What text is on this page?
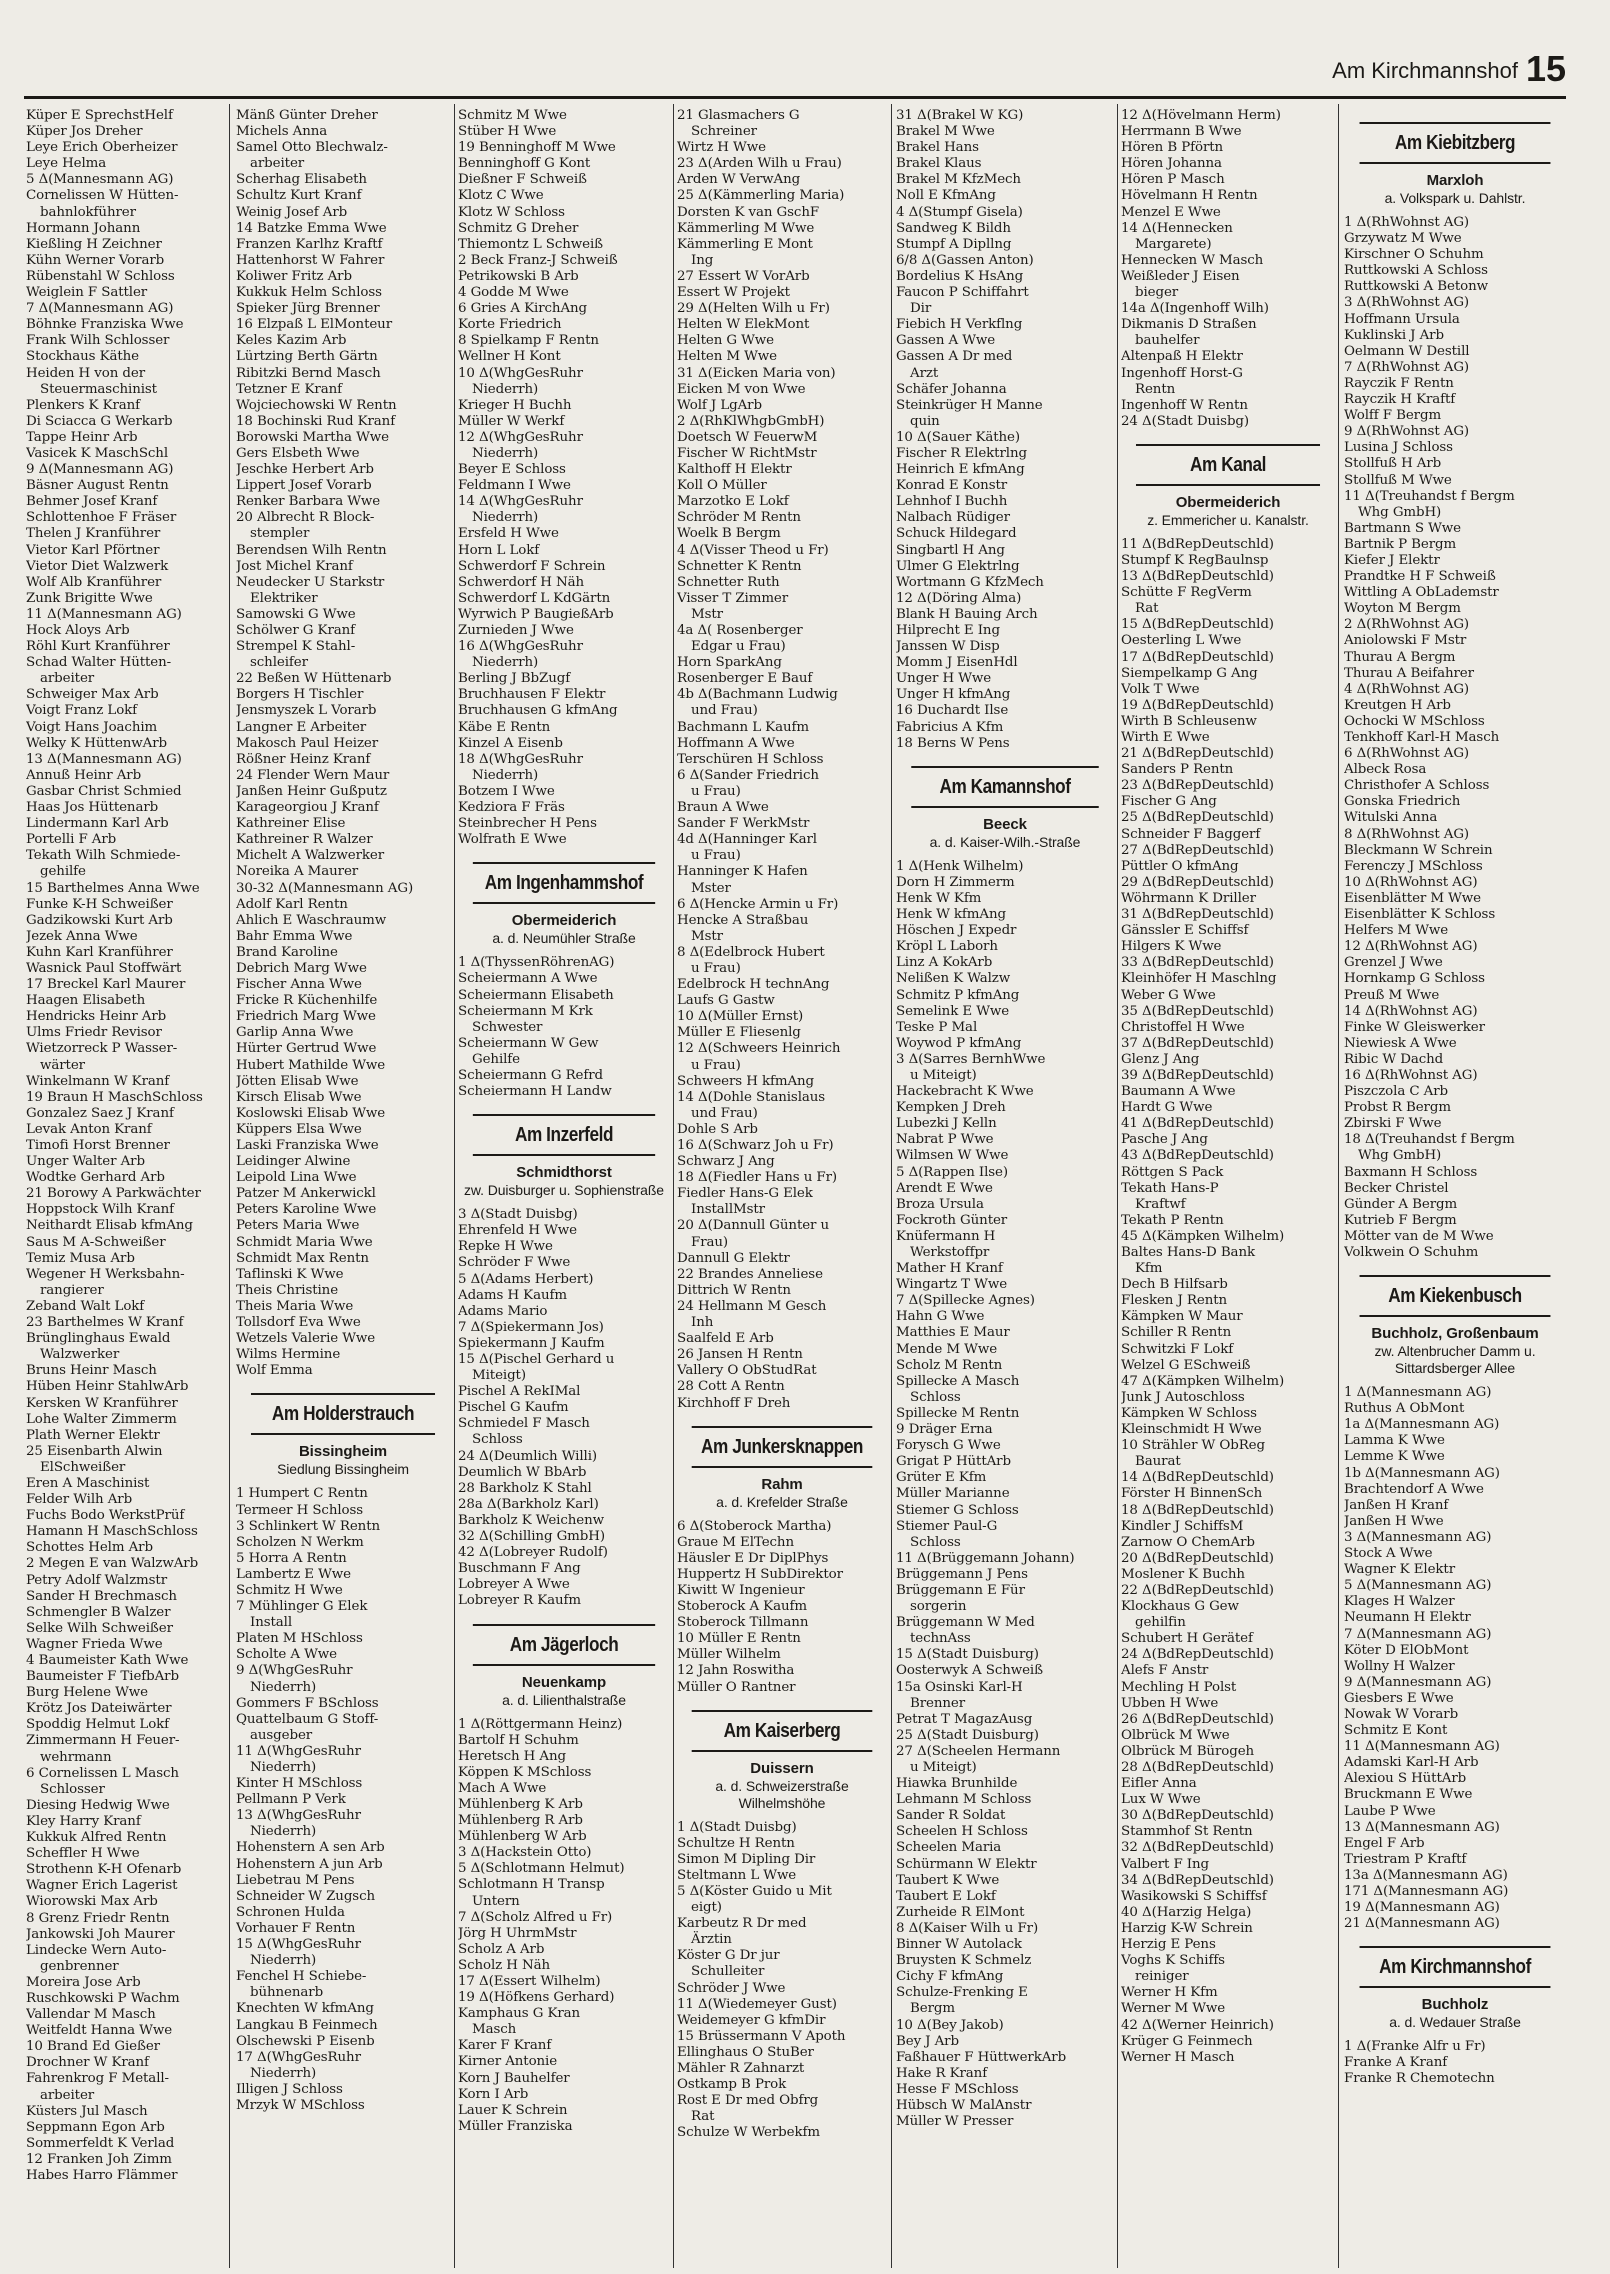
Am Kirchmannshof 15
Küper E SprechstHelf
Küper Jos Dreher
Leye Erich Oberheizer
Leye Helma
5 Δ(Mannesmann AG)
Cornelissen W Hütten-
bahnlokführer
Hormann Johann
Kießling H Zeichner
Kühn Werner Vorarb
Rübenstahl W Schloss
Weiglein F Sattler
7 Δ(Mannesmann AG)
Böhnke Franziska Wwe
Frank Wilh Schlosser
Stockhaus Käthe
Heiden H von der
Steuermaschinist
Plenkers K Kranf
Di Sciacca G Werkarb
Tappe Heinr Arb
Vasicek K MaschSchl
9 Δ(Mannesmann AG)
Bäsner August Rentn
Behmer Josef Kranf
Schlottenhoe F Fräser
Thelen J Kranführer
Vietor Karl Pförtner
Vietor Diet Walzwerk
Wolf Alb Kranführer
Zunk Brigitte Wwe
11 Δ(Mannesmann AG)
Hock Aloys Arb
Röhl Kurt Kranführer
Schad Walter Hütten-
arbeiter
Schweiger Max Arb
Voigt Franz Lokf
Voigt Hans Joachim
Welky K HüttenwArb
13 Δ(Mannesmann AG)
Annuß Heinr Arb
Gasbar Christ Schmied
Haas Jos Hüttenarb
Lindermann Karl Arb
Portelli F Arb
Tekath Wilh Schmiede-
gehilfe
15 Barthelmes Anna Wwe
Funke K-H Schweißer
Gadzikowski Kurt Arb
Jezek Anna Wwe
Kuhn Karl Kranführer
Wasnick Paul Stoffwärt
17 Breckel Karl Maurer
Haagen Elisabeth
Hendricks Heinr Arb
Ulms Friedr Revisor
Wietzorreck P Wasser-
wärter
Winkelmann W Kranf
19 Braun H MaschSchloss
Gonzalez Saez J Kranf
Levak Anton Kranf
Timofi Horst Brenner
Unger Walter Arb
Wodtke Gerhard Arb
21 Borowy A Parkwächter
Hoppstock Wilh Kranf
Neithardt Elisab kfmAng
Saus M A-Schweißer
Temiz Musa Arb
Wegener H Werksbahn-
rangierer
Zeband Walt Lokf
23 Barthelmes W Kranf
Brünglinghaus Ewald
Walzwerker
Bruns Heinr Masch
Hüben Heinr StahlwArb
Kersken W Kranführer
Lohe Walter Zimmerm
Plath Werner Elektr
25 Eisenbarth Alwin
ElSchweißer
Eren A Maschinist
Felder Wilh Arb
Fuchs Bodo WerkstPrüf
Hamann H MaschSchloss
Schottes Helm Arb
2 Megen E van WalzwArb
Petry Adolf Walzmstr
Sander H Brechmasch
Schmengler B Walzer
Selke Wilh Schweißer
Wagner Frieda Wwe
4 Baumeister Kath Wwe
Baumeister F TiefbArb
Burg Helene Wwe
Krötz Jos Dateiwärter
Spoddig Helmut Lokf
Zimmermann H Feuer-
wehrmann
6 Cornelissen L Masch
Schlosser
Diesing Hedwig Wwe
Kley Harry Kranf
Kukkuk Alfred Rentn
Scheffler H Wwe
Strothenn K-H Ofenarb
Wagner Erich Lagerist
Wiorowski Max Arb
8 Grenz Friedr Rentn
Jankowski Joh Maurer
Lindecke Wern Auto-
genbrenner
Moreira Jose Arb
Ruschkowski P Wachm
Vallendar M Masch
Weitfeldt Hanna Wwe
10 Brand Ed Gießer
Drochner W Kranf
Fahrenkrog F Metall-
arbeiter
Küsters Jul Masch
Seppmann Egon Arb
Sommerfeldt K Verlad
12 Franken Joh Zimm
Habes Harro Flämmer
Mänß Günter Dreher
Michels Anna
Samel Otto Blechwalz-
arbeiter
Scherhag Elisabeth
Schultz Kurt Kranf
Weinig Josef Arb
14 Batzke Emma Wwe
Franzen Karlhz Kraftf
Hattenhorst W Fahrer
Koliwer Fritz Arb
Kukkuk Helm Schloss
Spieker Jürg Brenner
16 Elzpaß L ElMonteur
Keles Kazim Arb
Lürtzing Berth Gärtn
Ribitzki Bernd Masch
Tetzner E Kranf
Wojciechowski W Rentn
18 Bochinski Rud Kranf
Borowski Martha Wwe
Gers Elsbeth Wwe
Jeschke Herbert Arb
Lippert Josef Vorarb
Renker Barbara Wwe
20 Albrecht R Block-
stempler
Berendsen Wilh Rentn
Jost Michel Kranf
Neudecker U Starkstr
Elektriker
Samowski G Wwe
Schölwer G Kranf
Strempel K Stahl-
schleifer
22 Beßen W Hüttenarb
Borgers H Tischler
Jensmyszek L Vorarb
Langner E Arbeiter
Makosch Paul Heizer
Rößner Heinz Kranf
24 Flender Wern Maur
Janßen Heinr Gußputz
Karageorgiou J Kranf
Kathreiner Elise
Kathreiner R Walzer
Michelt A Walzwerker
Noreika A Maurer
30-32 Δ(Mannesmann AG)
Adolf Karl Rentn
Ahlich E Waschraumw
Bahr Emma Wwe
Brand Karoline
Debrich Marg Wwe
Fischer Anna Wwe
Fricke R Küchenhilfe
Friedrich Marg Wwe
Garlip Anna Wwe
Hürter Gertrud Wwe
Hubert Mathilde Wwe
Jötten Elisab Wwe
Kirsch Elisab Wwe
Koslowski Elisab Wwe
Küppers Elsa Wwe
Laski Franziska Wwe
Leidinger Alwine
Leipold Lina Wwe
Patzer M Ankerwickl
Peters Karoline Wwe
Peters Maria Wwe
Schmidt Maria Wwe
Schmidt Max Rentn
Taflinski K Wwe
Theis Christine
Theis Maria Wwe
Tollsdorf Eva Wwe
Wetzels Valerie Wwe
Wilms Hermine
Wolf Emma
Am Holderstrauch
Bissingheim
Siedlung Bissingheim
1 Humpert C Rentn
Termeer H Schloss
3 Schlinkert W Rentn
Scholzen N Werkm
5 Horra A Rentn
Lambertz E Wwe
Schmitz H Wwe
7 Mühlinger G Elek
Install
Platen M HSchloss
Scholte A Wwe
9 Δ(WhgGesRuhr
Niederrh)
Gommers F BSchloss
Quattelbaum G Stoff-
ausgeber
11 Δ(WhgGesRuhr
Niederrh)
Kinter H MSchloss
Pellmann P Verk
13 Δ(WhgGesRuhr
Niederrh)
Hohenstern A sen Arb
Hohenstern A jun Arb
Liebetrau M Pens
Schneider W Zugsch
Schronen Hulda
Vorhauer F Rentn
15 Δ(WhgGesRuhr
Niederrh)
Fenchel H Schiebe-
bühnenarb
Knechten W kfmAng
Langkau B Feinmech
Olschewski P Eisenb
17 Δ(WhgGesRuhr
Niederrh)
Illigen J Schloss
Mrzyk W MSchloss
Schmitz M Wwe
Stüber H Wwe
19 Benninghoff M Wwe
Benninghoff G Kont
Dießner F Schweiß
Klotz C Wwe
Klotz W Schloss
Schmitz G Dreher
Thiemontz L Schweiß
2 Beck Franz-J Schweiß
Petrikowski B Arb
4 Godde M Wwe
6 Gries A KirchAng
Korte Friedrich
8 Spielkamp F Rentn
Wellner H Kont
10 Δ(WhgGesRuhr
Niederrh)
Krieger H Buchh
Müller W Werkf
12 Δ(WhgGesRuhr
Niederrh)
Beyer E Schloss
Feldmann I Wwe
14 Δ(WhgGesRuhr
Niederrh)
Ersfeld H Wwe
Horn L Lokf
Schwerdorf F Schrein
Schwerdorf H Näh
Schwerdorf L KdGärtn
Wyrwich P BaugießArb
Zurnieden J Wwe
16 Δ(WhgGesRuhr
Niederrh)
Berling J BbZugf
Bruchhausen F Elektr
Bruchhausen G kfmAng
Käbe E Rentn
Kinzel A Eisenb
18 Δ(WhgGesRuhr
Niederrh)
Botzem I Wwe
Kedziora F Fräs
Steinbrecher H Pens
Wolfrath E Wwe
Am Ingenhammshof
Obermeiderich
a. d. Neumühler Straße
1 Δ(ThyssenRöhrenAG)
Scheiermann A Wwe
Scheiermann Elisabeth
Scheiermann M Krk
Schwester
Scheiermann W Gew
Gehilfe
Scheiermann G Refrd
Scheiermann H Landw
Am Inzerfeld
Schmidthorst
zw. Duisburger u. Sophienstraße
3 Δ(Stadt Duisbg)
Ehrenfeld H Wwe
Repke H Wwe
Schröder F Wwe
5 Δ(Adams Herbert)
Adams H Kaufm
Adams Mario
7 Δ(Spiekermann Jos)
Spiekermann J Kaufm
15 Δ(Pischel Gerhard u
Miteigt)
Pischel A RekIMal
Pischel G Kaufm
Schmiedel F Masch
Schloss
24 Δ(Deumlich Willi)
Deumlich W BbArb
28 Barkholz K Stahl
28a Δ(Barkholz Karl)
Barkholz K Weichenw
32 Δ(Schilling GmbH)
42 Δ(Lobreyer Rudolf)
Buschmann F Ang
Lobreyer A Wwe
Lobreyer R Kaufm
Am Jägerloch
Neuenkamp
a. d. Lilienthalstraße
1 Δ(Röttgermann Heinz)
Bartolf H Schuhm
Heretsch H Ang
Köppen K MSchloss
Mach A Wwe
Mühlenberg K Arb
Mühlenberg R Arb
Mühlenberg W Arb
3 Δ(Hackstein Otto)
5 Δ(Schlotmann Helmut)
Schlotmann H Transp
Untern
7 Δ(Scholz Alfred u Fr)
Jörg H UhrmMstr
Scholz A Arb
Scholz H Näh
17 Δ(Essert Wilhelm)
19 Δ(Höfkens Gerhard)
Kamphaus G Kran
Masch
Karer F Kranf
Kirner Antonie
Korn J Bauhelfer
Korn I Arb
Lauer K Schrein
Müller Franziska
21 Glasmachers G
Schreiner
Wirtz H Wwe
23 Δ(Arden Wilh u Frau)
Arden W VerwAng
25 Δ(Kämmerling Maria)
Dorsten K van GschF
Kämmerling M Wwe
Kämmerling E Mont
Ing
27 Essert W VorArb
Essert W Projekt
29 Δ(Helten Wilh u Fr)
Helten W ElekMont
Helten G Wwe
Helten M Wwe
31 Δ(Eicken Maria von)
Eicken M von Wwe
Wolf J LgArb
2 Δ(RhKlWhgbGmbH)
Doetsch W FeuerwM
Fischer W RichtMstr
Kalthoff H Elektr
Koll O Müller
Marzotko E Lokf
Schröder M Rentn
Woelk B Bergm
4 Δ(Visser Theod u Fr)
Schnetter K Rentn
Schnetter Ruth
Visser T Zimmer
Mstr
4a Δ( Rosenberger
Edgar u Frau)
Horn SparkAng
Rosenberger E Bauf
4b Δ(Bachmann Ludwig
und Frau)
Bachmann L Kaufm
Hoffmann A Wwe
Terschüren H Schloss
6 Δ(Sander Friedrich
u Frau)
Braun A Wwe
Sander F WerkMstr
4d Δ(Hanninger Karl
u Frau)
Hanninger K Hafen
Mster
6 Δ(Hencke Armin u Fr)
Hencke A Straßbau
Mstr
8 Δ(Edelbrock Hubert
u Frau)
Edelbrock H technAng
Laufs G Gastw
10 Δ(Müller Ernst)
Müller E Fliesenlg
12 Δ(Schweers Heinrich
u Frau)
Schweers H kfmAng
14 Δ(Dohle Stanislaus
und Frau)
Dohle S Arb
16 Δ(Schwarz Joh u Fr)
Schwarz J Ang
18 Δ(Fiedler Hans u Fr)
Fiedler Hans-G Elek
InstallMstr
20 Δ(Dannull Günter u
Frau)
Dannull G Elektr
22 Brandes Anneliese
Dittrich W Rentn
24 Hellmann M Gesch
Inh
Saalfeld E Arb
26 Jansen H Rentn
Vallery O ObStudRat
28 Cott A Rentn
Kirchhoff F Dreh
Am Junkersknappen
Rahm
a. d. Krefelder Straße
6 Δ(Stoberock Martha)
Graue M ElTechn
Häusler E Dr DiplPhys
Huppertz H SubDirektor
Kiwitt W Ingenieur
Stoberock A Kaufm
Stoberock Tillmann
10 Müller E Rentn
Müller Wilhelm
12 Jahn Roswitha
Müller O Rantner
Am Kaiserberg
Duissern
a. d. Schweizerstraße Wilhelmshöhe
1 Δ(Stadt Duisbg)
Schultze H Rentn
Simon M Dipling Dir
Steltmann L Wwe
5 Δ(Köster Guido u Mit
eigt)
Karbeutz R Dr med
Ärztin
Köster G Dr jur
Schulleiter
Schröder J Wwe
11 Δ(Wiedemeyer Gust)
Weidemeyer G kfmDir
15 Brüssermann V Apoth
Ellinghaus O StuBer
Mähler R Zahnarzt
Ostkamp B Prok
Rost E Dr med Obfrg
Rat
Schulze W Werbekfm
31 Δ(Brakel W KG)
Brakel M Wwe
Brakel Hans
Brakel Klaus
Brakel M KfzMech
Noll E KfmAng
4 Δ(Stumpf Gisela)
Sandweg K Bildh
Stumpf A Dipllng
6/8 Δ(Gassen Anton)
Bordelius K HsAng
Faucon P Schiffahrt
Dir
Fiebich H Verkflng
Gassen A Wwe
Gassen A Dr med
Arzt
Schäfer Johanna
Steinkrüger H Manne
quin
10 Δ(Sauer Käthe)
Fischer R Elektrlng
Heinrich E kfmAng
Konrad E Konstr
Lehnhof I Buchh
Nalbach Rüdiger
Schuck Hildegard
Singbartl H Ang
Ulmer G Elektrlng
Wortmann G KfzMech
12 Δ(Döring Alma)
Blank H Bauing Arch
Hilprecht E Ing
Janssen W Disp
Momm J EisenHdl
Unger H Wwe
Unger H kfmAng
16 Duchardt Ilse
Fabricius A Kfm
18 Berns W Pens
Am Kamannshof
Beeck
a. d. Kaiser-Wilh.-Straße
1 Δ(Henk Wilhelm)
Dorn H Zimmerm
Henk W Kfm
Henk W kfmAng
Höschen J Expedr
Kröpl L Laborh
Linz A KokArb
Nelißen K Walzw
Schmitz P kfmAng
Semelink E Wwe
Teske P Mal
Woywod P kfmAng
3 Δ(Sarres BernhWwe
u Miteigt)
Hackebracht K Wwe
Kempken J Dreh
Lubezki J Kelln
Nabrat P Wwe
Wilmsen W Wwe
5 Δ(Rappen Ilse)
Arendt E Wwe
Broza Ursula
Fockroth Günter
Knüfermann H
Werkstoffpr
Mather H Kranf
Wingartz T Wwe
7 Δ(Spillecke Agnes)
Hahn G Wwe
Matthies E Maur
Mende M Wwe
Scholz M Rentn
Spillecke A Masch
Schloss
Spillecke M Rentn
9 Dräger Erna
Forysch G Wwe
Grigat P HüttArb
Grüter E Kfm
Müller Marianne
Stiemer G Schloss
Stiemer Paul-G
Schloss
11 Δ(Brüggemann Johann)
Brüggemann J Pens
Brüggemann E Für
sorgerin
Brüggemann W Med
technAss
15 Δ(Stadt Duisburg)
Oosterwyk A Schweiß
15a Osinski Karl-H
Brenner
Petrat T MagazAusg
25 Δ(Stadt Duisburg)
27 Δ(Scheelen Hermann
u Miteigt)
Hiawka Brunhilde
Lehmann M Schloss
Sander R Soldat
Scheelen H Schloss
Scheelen Maria
Schürmann W Elektr
Taubert K Wwe
Taubert E Lokf
Zurheide R ElMont
8 Δ(Kaiser Wilh u Fr)
Binner W Autolack
Bruysten K Schmelz
Cichy F kfmAng
Schulze-Frenking E
Bergm
10 Δ(Bey Jakob)
Bey J Arb
Faßhauer F HüttwerkArb
Hake R Kranf
Hesse F MSchloss
Hübsch W MalAnstr
Müller W Presser
12 Δ(Hövelmann Herm)
Herrmann B Wwe
Hören B Pförtn
Hören Johanna
Hören P Masch
Hövelmann H Rentn
Menzel E Wwe
14 Δ(Hennecken
Margarete)
Hennecken W Masch
Weißleder J Eisen
bieger
14a Δ(Ingenhoff Wilh)
Dikmanis D Straßen
bauhelfer
Altenpaß H Elektr
Ingenhoff Horst-G
Rentn
Ingenhoff W Rentn
24 Δ(Stadt Duisbg)
Am Kanal
Obermeiderich
z. Emmericher u. Kanalstr.
11 Δ(BdRepDeutschld)
Stumpf K RegBaulnsp
13 Δ(BdRepDeutschld)
Schütte F RegVerm
Rat
15 Δ(BdRepDeutschld)
Oesterling L Wwe
17 Δ(BdRepDeutschld)
Siempelkamp G Ang
Volk T Wwe
19 Δ(BdRepDeutschld)
Wirth B Schleusenw
Wirth E Wwe
21 Δ(BdRepDeutschld)
Sanders P Rentn
23 Δ(BdRepDeutschld)
Fischer G Ang
25 Δ(BdRepDeutschld)
Schneider F Baggerf
27 Δ(BdRepDeutschld)
Püttler O kfmAng
29 Δ(BdRepDeutschld)
Wöhrmann K Driller
31 Δ(BdRepDeutschld)
Gänssler E Schiffsf
Hilgers K Wwe
33 Δ(BdRepDeutschld)
Kleinhöfer H Maschlng
Weber G Wwe
35 Δ(BdRepDeutschld)
Christoffel H Wwe
37 Δ(BdRepDeutschld)
Glenz J Ang
39 Δ(BdRepDeutschld)
Baumann A Wwe
Hardt G Wwe
41 Δ(BdRepDeutschld)
Pasche J Ang
43 Δ(BdRepDeutschld)
Röttgen S Pack
Tekath Hans-P
Kraftwf
Tekath P Rentn
45 Δ(Kämpken Wilhelm)
Baltes Hans-D Bank
Kfm
Dech B Hilfsarb
Flesken J Rentn
Kämpken W Maur
Schiller R Rentn
Schwitzki F Lokf
Welzel G ESchweiß
47 Δ(Kämpken Wilhelm)
Junk J Autoschloss
Kämpken W Schloss
Kleinschmidt H Wwe
10 Strähler W ObReg
Baurat
14 Δ(BdRepDeutschld)
Förster H BinnenSch
18 Δ(BdRepDeutschld)
Kindler J SchiffsM
Zarnow O ChemArb
20 Δ(BdRepDeutschld)
Moslener K Buchh
22 Δ(BdRepDeutschld)
Klockhaus G Gew
gehilfin
Schubert H Gerätef
24 Δ(BdRepDeutschld)
Alefs F Anstr
Mechling H Polst
Ubben H Wwe
26 Δ(BdRepDeutschld)
Olbrück M Wwe
Olbrück M Bürogeh
28 Δ(BdRepDeutschld)
Eifler Anna
Lux W Wwe
30 Δ(BdRepDeutschld)
Stammhof St Rentn
32 Δ(BdRepDeutschld)
Valbert F Ing
34 Δ(BdRepDeutschld)
Wasikowski S Schiffsf
40 Δ(Harzig Helga)
Harzig K-W Schrein
Herzig E Pens
Voghs K Schiffs
reiniger
Werner H Kfm
Werner M Wwe
42 Δ(Werner Heinrich)
Krüger G Feinmech
Werner H Masch
Am Kiebitzberg
Marxloh
a. Volkspark u. Dahlstr.
1 Δ(RhWohnst AG)
Grzywatz M Wwe
Kirschner O Schuhm
Ruttkowski A Schloss
Ruttkowski A Betonw
3 Δ(RhWohnst AG)
Hoffmann Ursula
Kuklinski J Arb
Oelmann W Destill
7 Δ(RhWohnst AG)
Rayczik F Rentn
Rayczik H Kraftf
Wolff F Bergm
9 Δ(RhWohnst AG)
Lusina J Schloss
Stollfuß H Arb
Stollfuß M Wwe
11 Δ(Treuhandst f Bergm
Whg GmbH)
Bartmann S Wwe
Bartnik P Bergm
Kiefer J Elektr
Prandtke H F Schweiß
Wittling A ObLademstr
Woyton M Bergm
2 Δ(RhWohnst AG)
Aniolowski F Mstr
Thurau A Bergm
Thurau A Beifahrer
4 Δ(RhWohnst AG)
Kreutgen H Arb
Ochocki W MSchloss
Tenkhoff Karl-H Masch
6 Δ(RhWohnst AG)
Albeck Rosa
Christhofer A Schloss
Gonska Friedrich
Witulski Anna
8 Δ(RhWohnst AG)
Bleckmann W Schrein
Ferenczy J MSchloss
10 Δ(RhWohnst AG)
Eisenblätter M Wwe
Eisenblätter K Schloss
Helfers M Wwe
12 Δ(RhWohnst AG)
Grenzel J Wwe
Hornkamp G Schloss
Preuß M Wwe
14 Δ(RhWohnst AG)
Finke W Gleiswerker
Niewiesk A Wwe
Ribic W Dachd
16 Δ(RhWohnst AG)
Piszczola C Arb
Probst R Bergm
Zbirski F Wwe
18 Δ(Treuhandst f Bergm
Whg GmbH)
Baxmann H Schloss
Becker Christel
Günder A Bergm
Kutrieb F Bergm
Mötter van de M Wwe
Volkwein O Schuhm
Am Kiekenbusch
Buchholz, Großenbaum
zw. Altenbrucher Damm u. Sittardsberger Allee
1 Δ(Mannesmann AG)
Ruthus A ObMont
1a Δ(Mannesmann AG)
Lamma K Wwe
Lemme K Wwe
1b Δ(Mannesmann AG)
Brachtendorf A Wwe
Janßen H Kranf
Janßen H Wwe
3 Δ(Mannesmann AG)
Stock A Wwe
Wagner K Elektr
5 Δ(Mannesmann AG)
Klages H Walzer
Neumann H Elektr
7 Δ(Mannesmann AG)
Köter D ElObMont
Wollny H Walzer
9 Δ(Mannesmann AG)
Giesbers E Wwe
Nowak W Vorarb
Schmitz E Kont
11 Δ(Mannesmann AG)
Adamski Karl-H Arb
Alexiou S HüttArb
Bruckmann E Wwe
Laube P Wwe
13 Δ(Mannesmann AG)
Engel F Arb
Triestram P Kraftf
13a Δ(Mannesmann AG)
171 Δ(Mannesmann AG)
19 Δ(Mannesmann AG)
21 Δ(Mannesmann AG)
Am Kirchmannshof
Buchholz
a. d. Wedauer Straße
1 Δ(Franke Alfr u Fr)
Franke A Kranf
Franke R Chemotechn
